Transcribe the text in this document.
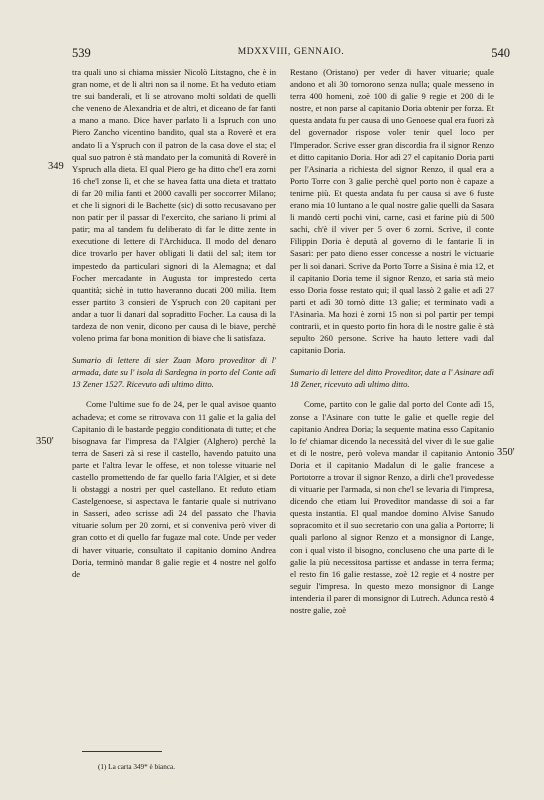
539	MDXXVIII, GENNAIO.	540
349
350'
350'

tra quali uno si chiama missier Nicolò Litstagno, che è in gran nome, et de li altri non sa il nome. Et ha veduto etiam tre sui banderali, et li se atrovano molti soldati de quelli che veneno de Alexandria et de altri, et diceano de far fanti a mano a mano. Dice haver parlato li a Ispruch con uno Piero Zancho vicentino bandito, qual sta a Roverè et era andato lì a Yspruch con il patron de la casa dove el sta; el qual suo patron è stà mandato per la comunità di Roverè in Yspruch alla dieta. El qual Piero ge ha ditto che'l era zorni 16 che'l zonse lì, et che se havea fatta una dieta et trattato di far 20 milia fanti et 2000 cavalli per soccorrer Milano; et che li signori di le Bachette (sic) di sotto recusavano per non patir per il passar di l'exercito, che sariano li primi al patir; ma al tandem fu deliberato di far le ditte zente in executione di lettere di l'Archiduca. Il modo del denaro dice trovarlo per haver obligati li datii del sal; item tor impestedo da particulari signori di la Alemagna; et dal Focher mercadante in Augusta tor imprestedo certa quantità; sichè in tutto haveranno ducati 200 milia. Item esser partito 3 consieri de Yspruch con 20 capitani per andar a tuor li danari dal sopraditto Focher. La causa di la tardeza de non venir, dicono per causa di le biave, perchè voleno prima far bona monition di biave che li satisfaza.

Sumario di lettere di sier Zuan Moro proveditor di l' armada, date su l' isola di Sardegna in porto del Conte adì 13 Zener 1527. Ricevuto adì ultimo ditto.

Come l'ultime sue fo de 24, per le qual avisoe quanto achadeva; et come se ritrovava con 11 galie et la galia del Capitanio di le bastarde peggio conditionata di tutte; et che bisognava far l'impresa da l'Algier (Alghero) perchè la terra de Saseri zà si rese il castello, havendo patuito una parte et l'altra levar le offese, et non tolesse vituarie nel castello promettendo de far quello faria l'Algier, et si dete li obstaggi a nostri per quel castellano. Et reduto etiam Castelgenoese, si aspectava le fantarie quale si nutrivano in Sasseri, adeo scrisse adì 24 del passato che l'havia vituarie solum per 20 zorni, et si conveniva però viver di gran cotto et di quello far fugaze mal cote. Unde per veder di haver vituarie, consultato il capitanio domino Andrea Doria, terminò mandar 8 galie regie et 4 nostre nel golfo de

Restano (Oristano) per veder di haver vituarie; quale andono et ali 30 tornorono senza nulla; quale messeno in terra 400 homeni, zoè 100 di galie 9 regie et 200 di le nostre, et non parse al capitanio Doria obtenir per forza. Et questa andata fu per causa di uno Genoese qual era fuori zà del governador rispose voler tenir quel loco per l'Imperador. Scrive esser gran discordia fra il signor Renzo et ditto capitanio Doria. Hor adì 27 el capitanio Doria parti per l'Asinaria a richiesta del signor Renzo, il qual era a Porto Torre con 3 galie perchè quel porto non è capaze a tenirne più. Et questa andata fu per causa si ave 6 fuste erano mia 10 luntano a le qual nostre galie quelli da Sasara li mandò certi pochi vini, carne, casi et farine più di 500 sachi, ch'è il viver per 5 over 6 zorni. Scrive, il conte Filippin Doria è deputà al governo di le fantarie lì in Sasari: per pato dieno esser concesse a nostri le victuarie per li soi danari. Scrive da Porto Torre a Sisina è mia 12, et il capitanio Doria teme il signor Renzo, et saria stà meio esso Doria fosse restato qui; il qual lassò 2 galie et adì 27 parti et adì 30 tornò ditte 13 galie; et terminato vadi a l'Asinarìa. Ma hozi è zorni 15 non si pol partir per tempi contrarii, et in questo porto fin hora di le nostre galie è stà sepulto 260 persone. Scrive ha hauto lettere vadi dal capitanio Doria.

Sumario di lettere del ditto Proveditor, date a l' Asinare adì 18 Zener, ricevuto adì ultimo ditto.

Come, partito con le galie dal porto del Conte adì 15, zonse a l'Asinare con tutte le galie et quelle regie del capitanio Andrea Doria; la sequente matina esso Capitanio lo fe' chiamar dicendo la necessità del viver di le sue galie et di le nostre, però voleva mandar il capitanio Antonio Doria et il capitanio Madalun di le galie francese a Portotorre a trovar il signor Renzo, a dirli che'l provedesse di vituarie per l'armada, si non che'l se levaria di l'impresa, dicendo che etiam lui Proveditor mandasse di soi a far questa instantia. El qual mandoe domino Alvise Sanudo sopracomito et il suo secretario con una galia a Portorre; li quali parlono al signor Renzo et a monsignor di Lange, con i qual visto il bisogno, concluseno che una parte di le galie la più necessitosa partisse et andasse in terra ferma; el resto fin 16 galie restasse, zoè 12 regie et 4 nostre per seguir l'impresa. In questo mezo monsignor di Lange intenderia il parer di monsignor di Lutrech. Adunca restò 4 nostre galie, zoè

(1) La carta 349* è bianca.
